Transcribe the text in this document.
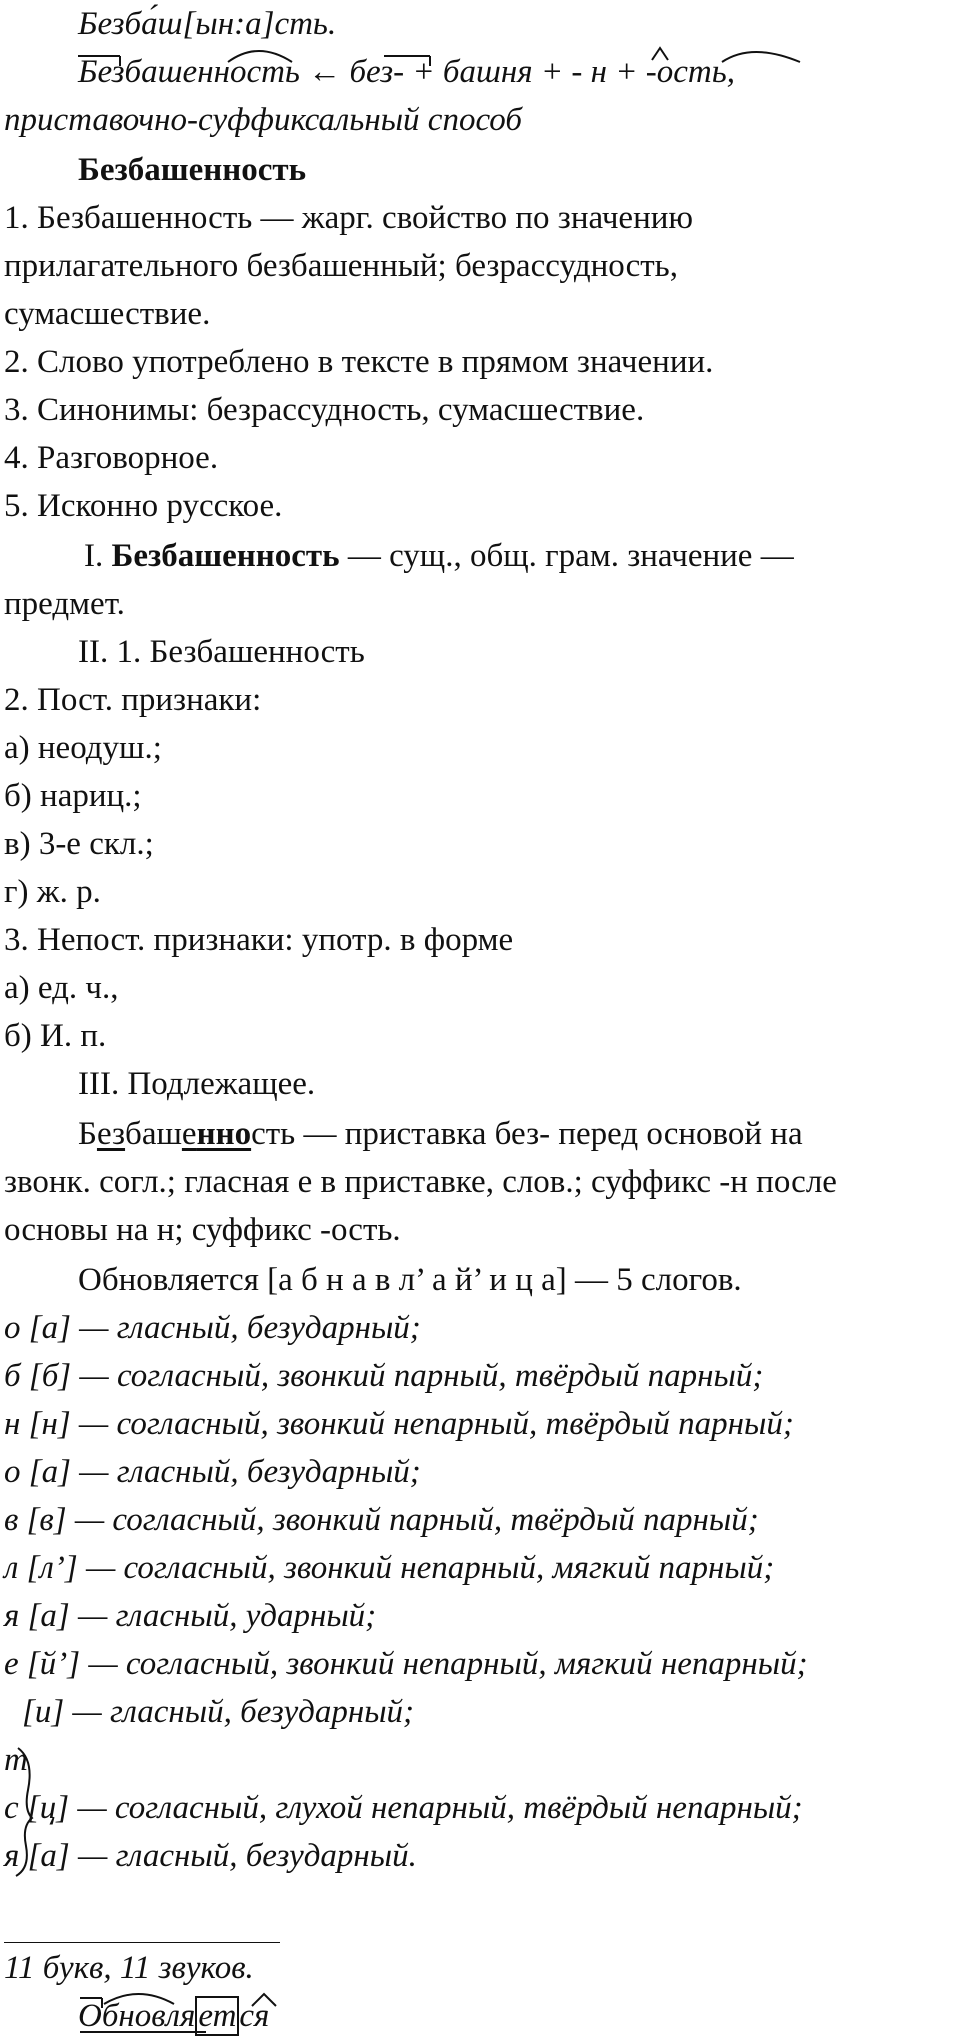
Безба́ш[ын:а]сть.
Безбашенность ← без- + башня + - н + -ость,
приставочно-суффиксальный способ
Безбашенность
1. Безбашенность — жарг. свойство по значению
прилагательного безбашенный; безрассудность,
сумасшествие.
2. Слово употреблено в тексте в прямом значении.
3. Синонимы: безрассудность, сумасшествие.
4. Разговорное.
5. Исконно русское.
I. Безбашенность — сущ., общ. грам. значение —
предмет.
II. 1. Безбашенность
2. Пост. признаки:
а) неодуш.;
б) нариц.;
в) 3-е скл.;
г) ж. р.
3. Непост. признаки: употр. в форме
а) ед. ч.,
б) И. п.
III. Подлежащее.
Безбашенность — приставка без- перед основой на
звонк. согл.; гласная е в приставке, слов.; суффикс -н после
основы на н; суффикс -ость.
Обновляется [а б н а в л’ а й’ и ц а] — 5 слогов.
о [а] — гласный, безударный;
б [б] — согласный, звонкий парный, твёрдый парный;
н [н] — согласный, звонкий непарный, твёрдый парный;
о [а] — гласный, безударный;
в [в] — согласный, звонкий парный, твёрдый парный;
л [л’] — согласный, звонкий непарный, мягкий парный;
я [а] — гласный, ударный;
е [й’] — согласный, звонкий непарный, мягкий непарный;
[и] — гласный, безударный;
т
с [ц] — согласный, глухой непарный, твёрдый непарный;
я [а] — гласный, безударный.
11 букв, 11 звуков.
Обновляется
